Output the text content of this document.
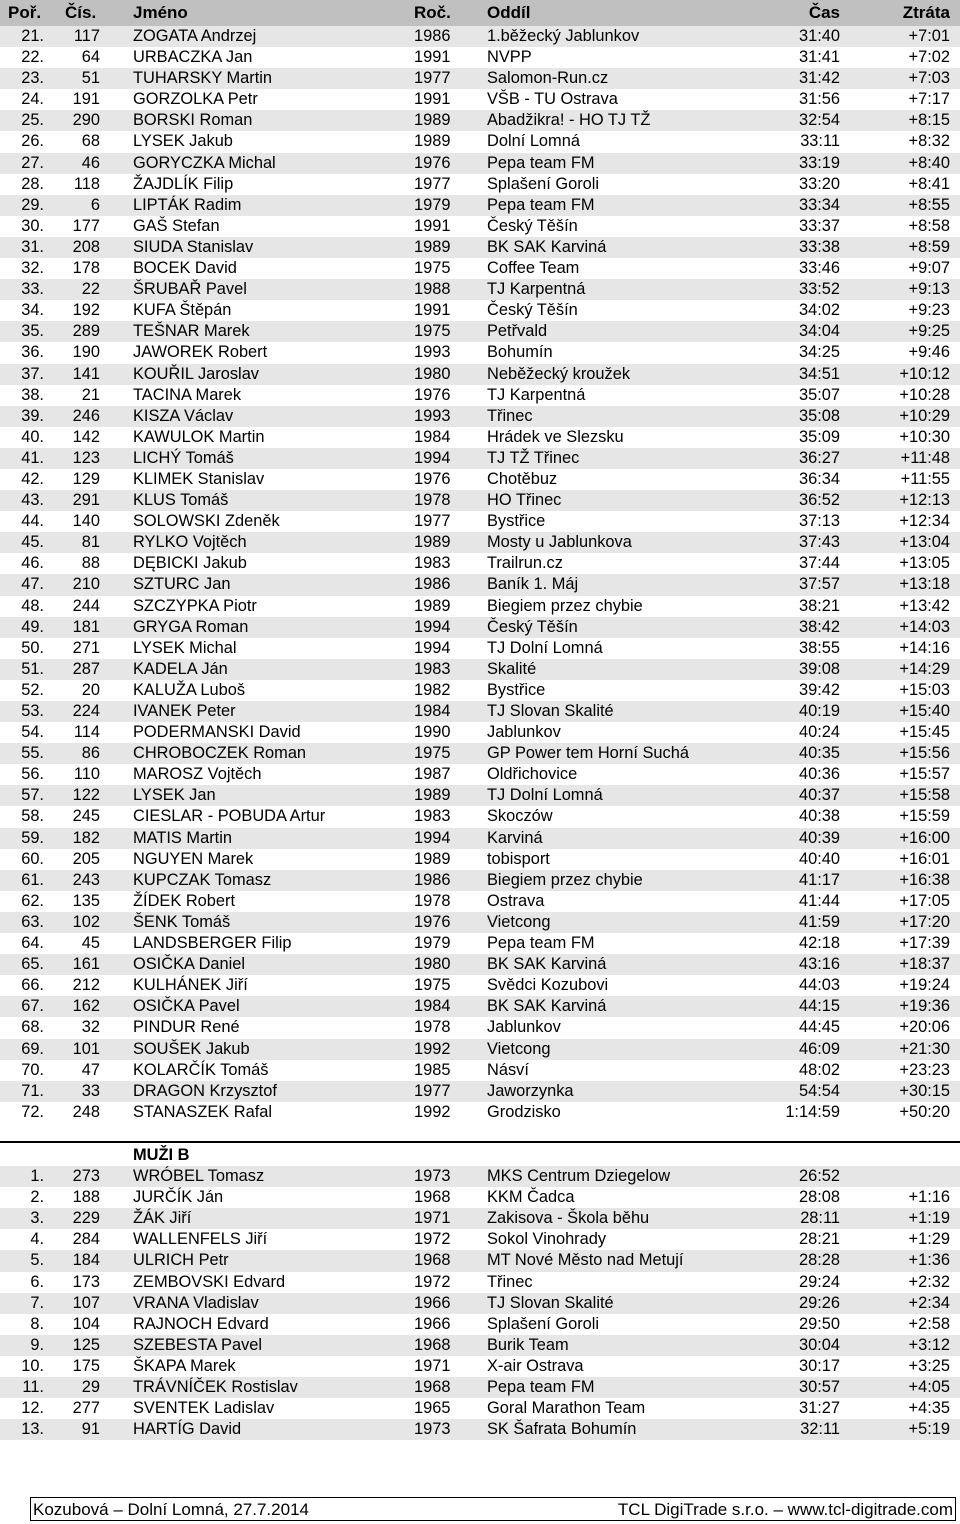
Poř. Čís. Jméno	Roč.	Oddíl	Čas	Ztráta
21.	117 ZOGATA Andrzej	1986	1.běžecký Jablunkov	31:40	+7:01
22.	64 URBACZKA Jan	1991	NVPP	31:41	+7:02
23.	51 TUHARSKY Martin	1977	Salomon-Run.cz	31:42	+7:03
24.	191 GORZOLKA Petr	1991	VŠB - TU Ostrava	31:56	+7:17
25.	290 BORSKI Roman	1989	Abadžikra! - HO TJ TŽ	32:54	+8:15
26.	68 LYSEK Jakub	1989	Dolní Lomná	33:11	+8:32
27.	46 GORYCZKA Michal	1976	Pepa team FM	33:19	+8:40
28.	118 ŽAJDLÍK Filip	1977	Splašení Goroli	33:20	+8:41
29.	6 LIPTÁK Radim	1979	Pepa team FM	33:34	+8:55
30.	177 GAŠ Stefan	1991	Český Těšín	33:37	+8:58
31.	208 SIUDA Stanislav	1989	BK SAK Karviná	33:38	+8:59
32.	178 BOCEK David	1975	Coffee Team	33:46	+9:07
33.	22 ŠRUBAŘ Pavel	1988	TJ Karpentná	33:52	+9:13
34.	192 KUFA Štěpán	1991	Český Těšín	34:02	+9:23
35.	289 TEŠNAR Marek	1975	Petřvald	34:04	+9:25
36.	190 JAWOREK Robert	1993	Bohumín	34:25	+9:46
37.	141 KOUŘIL Jaroslav	1980	Neběžecký kroužek	34:51	+10:12
38.	21 TACINA Marek	1976	TJ Karpentná	35:07	+10:28
39.	246 KISZA Václav	1993	Třinec	35:08	+10:29
40.	142 KAWULOK Martin	1984	Hrádek ve Slezsku	35:09	+10:30
41.	123 LICHÝ Tomáš	1994	TJ TŽ Třinec	36:27	+11:48
42.	129 KLIMEK Stanislav	1976	Chotěbuz	36:34	+11:55
43.	291 KLUS Tomáš	1978	HO Třinec	36:52	+12:13
44.	140 SOLOWSKI Zdeněk	1977	Bystřice	37:13	+12:34
45.	81 RYLKO Vojtěch	1989	Mosty u Jablunkova	37:43	+13:04
46.	88 DĘBICKI Jakub	1983	Trailrun.cz	37:44	+13:05
47.	210 SZTURC Jan	1986	Baník 1. Máj	37:57	+13:18
48.	244 SZCZYPKA Piotr	1989	Biegiem przez chybie	38:21	+13:42
49.	181 GRYGA Roman	1994	Český Těšín	38:42	+14:03
50.	271 LYSEK Michal	1994	TJ Dolní Lomná	38:55	+14:16
51.	287 KADELA Ján	1983	Skalité	39:08	+14:29
52.	20 KALUŽA Luboš	1982	Bystřice	39:42	+15:03
53.	224 IVANEK Peter	1984	TJ Slovan Skalité	40:19	+15:40
54.	114 PODERMANSKI David	1990	Jablunkov	40:24	+15:45
55.	86 CHROBOCZEK Roman	1975	GP Power tem Horní Suchá	40:35	+15:56
56.	110 MAROSZ Vojtěch	1987	Oldřichovice	40:36	+15:57
57.	122 LYSEK Jan	1989	TJ Dolní Lomná	40:37	+15:58
58.	245 CIESLAR - POBUDA Artur	1983	Skoczów	40:38	+15:59
59.	182 MATIS Martin	1994	Karviná	40:39	+16:00
60.	205 NGUYEN Marek	1989	tobisport	40:40	+16:01
61.	243 KUPCZAK Tomasz	1986	Biegiem przez chybie	41:17	+16:38
62.	135 ŽÍDEK Robert	1978	Ostrava	41:44	+17:05
63.	102 ŠENK Tomáš	1976	Vietcong	41:59	+17:20
64.	45 LANDSBERGER Filip	1979	Pepa team FM	42:18	+17:39
65.	161 OSIČKA Daniel	1980	BK SAK Karviná	43:16	+18:37
66.	212 KULHÁNEK Jiří	1975	Svědci Kozubovi	44:03	+19:24
67.	162 OSIČKA Pavel	1984	BK SAK Karviná	44:15	+19:36
68.	32 PINDUR René	1978	Jablunkov	44:45	+20:06
69.	101 SOUŠEK Jakub	1992	Vietcong	46:09	+21:30
70.	47 KOLARČÍK Tomáš	1985	Násví	48:02	+23:23
71.	33 DRAGON Krzysztof	1977	Jaworzynka	54:54	+30:15
72.	248 STANASZEK Rafal	1992	Grodzisko	1:14:59	+50:20
MUŽI B
1.	273 WRÓBEL Tomasz	1973	MKS Centrum Dziegelow	26:52
2.	188 JURČÍK Ján	1968	KKM Čadca	28:08	+1:16
3.	229 ŽÁK Jiří	1971	Zakisova - Škola běhu	28:11	+1:19
4.	284 WALLENFELS Jiří	1972	Sokol Vinohrady	28:21	+1:29
5.	184 ULRICH Petr	1968	MT Nové Město nad Metují	28:28	+1:36
6.	173 ZEMBOVSKI Edvard	1972	Třinec	29:24	+2:32
7.	107 VRANA Vladislav	1966	TJ Slovan Skalité	29:26	+2:34
8.	104 RAJNOCH Edvard	1966	Splašení Goroli	29:50	+2:58
9.	125 SZEBESTA Pavel	1968	Burik Team	30:04	+3:12
10.	175 ŠKAPA Marek	1971	X-air Ostrava	30:17	+3:25
11.	29 TRÁVNÍČEK Rostislav	1968	Pepa team FM	30:57	+4:05
12.	277 SVENTEK Ladislav	1965	Goral Marathon Team	31:27	+4:35
13.	91 HARTÍG David	1973	SK Šafrata Bohumín	32:11	+5:19
Kozubová – Dolní Lomná, 27.7.2014	TCL DigiTrade s.r.o. – www.tcl-digitrade.com
